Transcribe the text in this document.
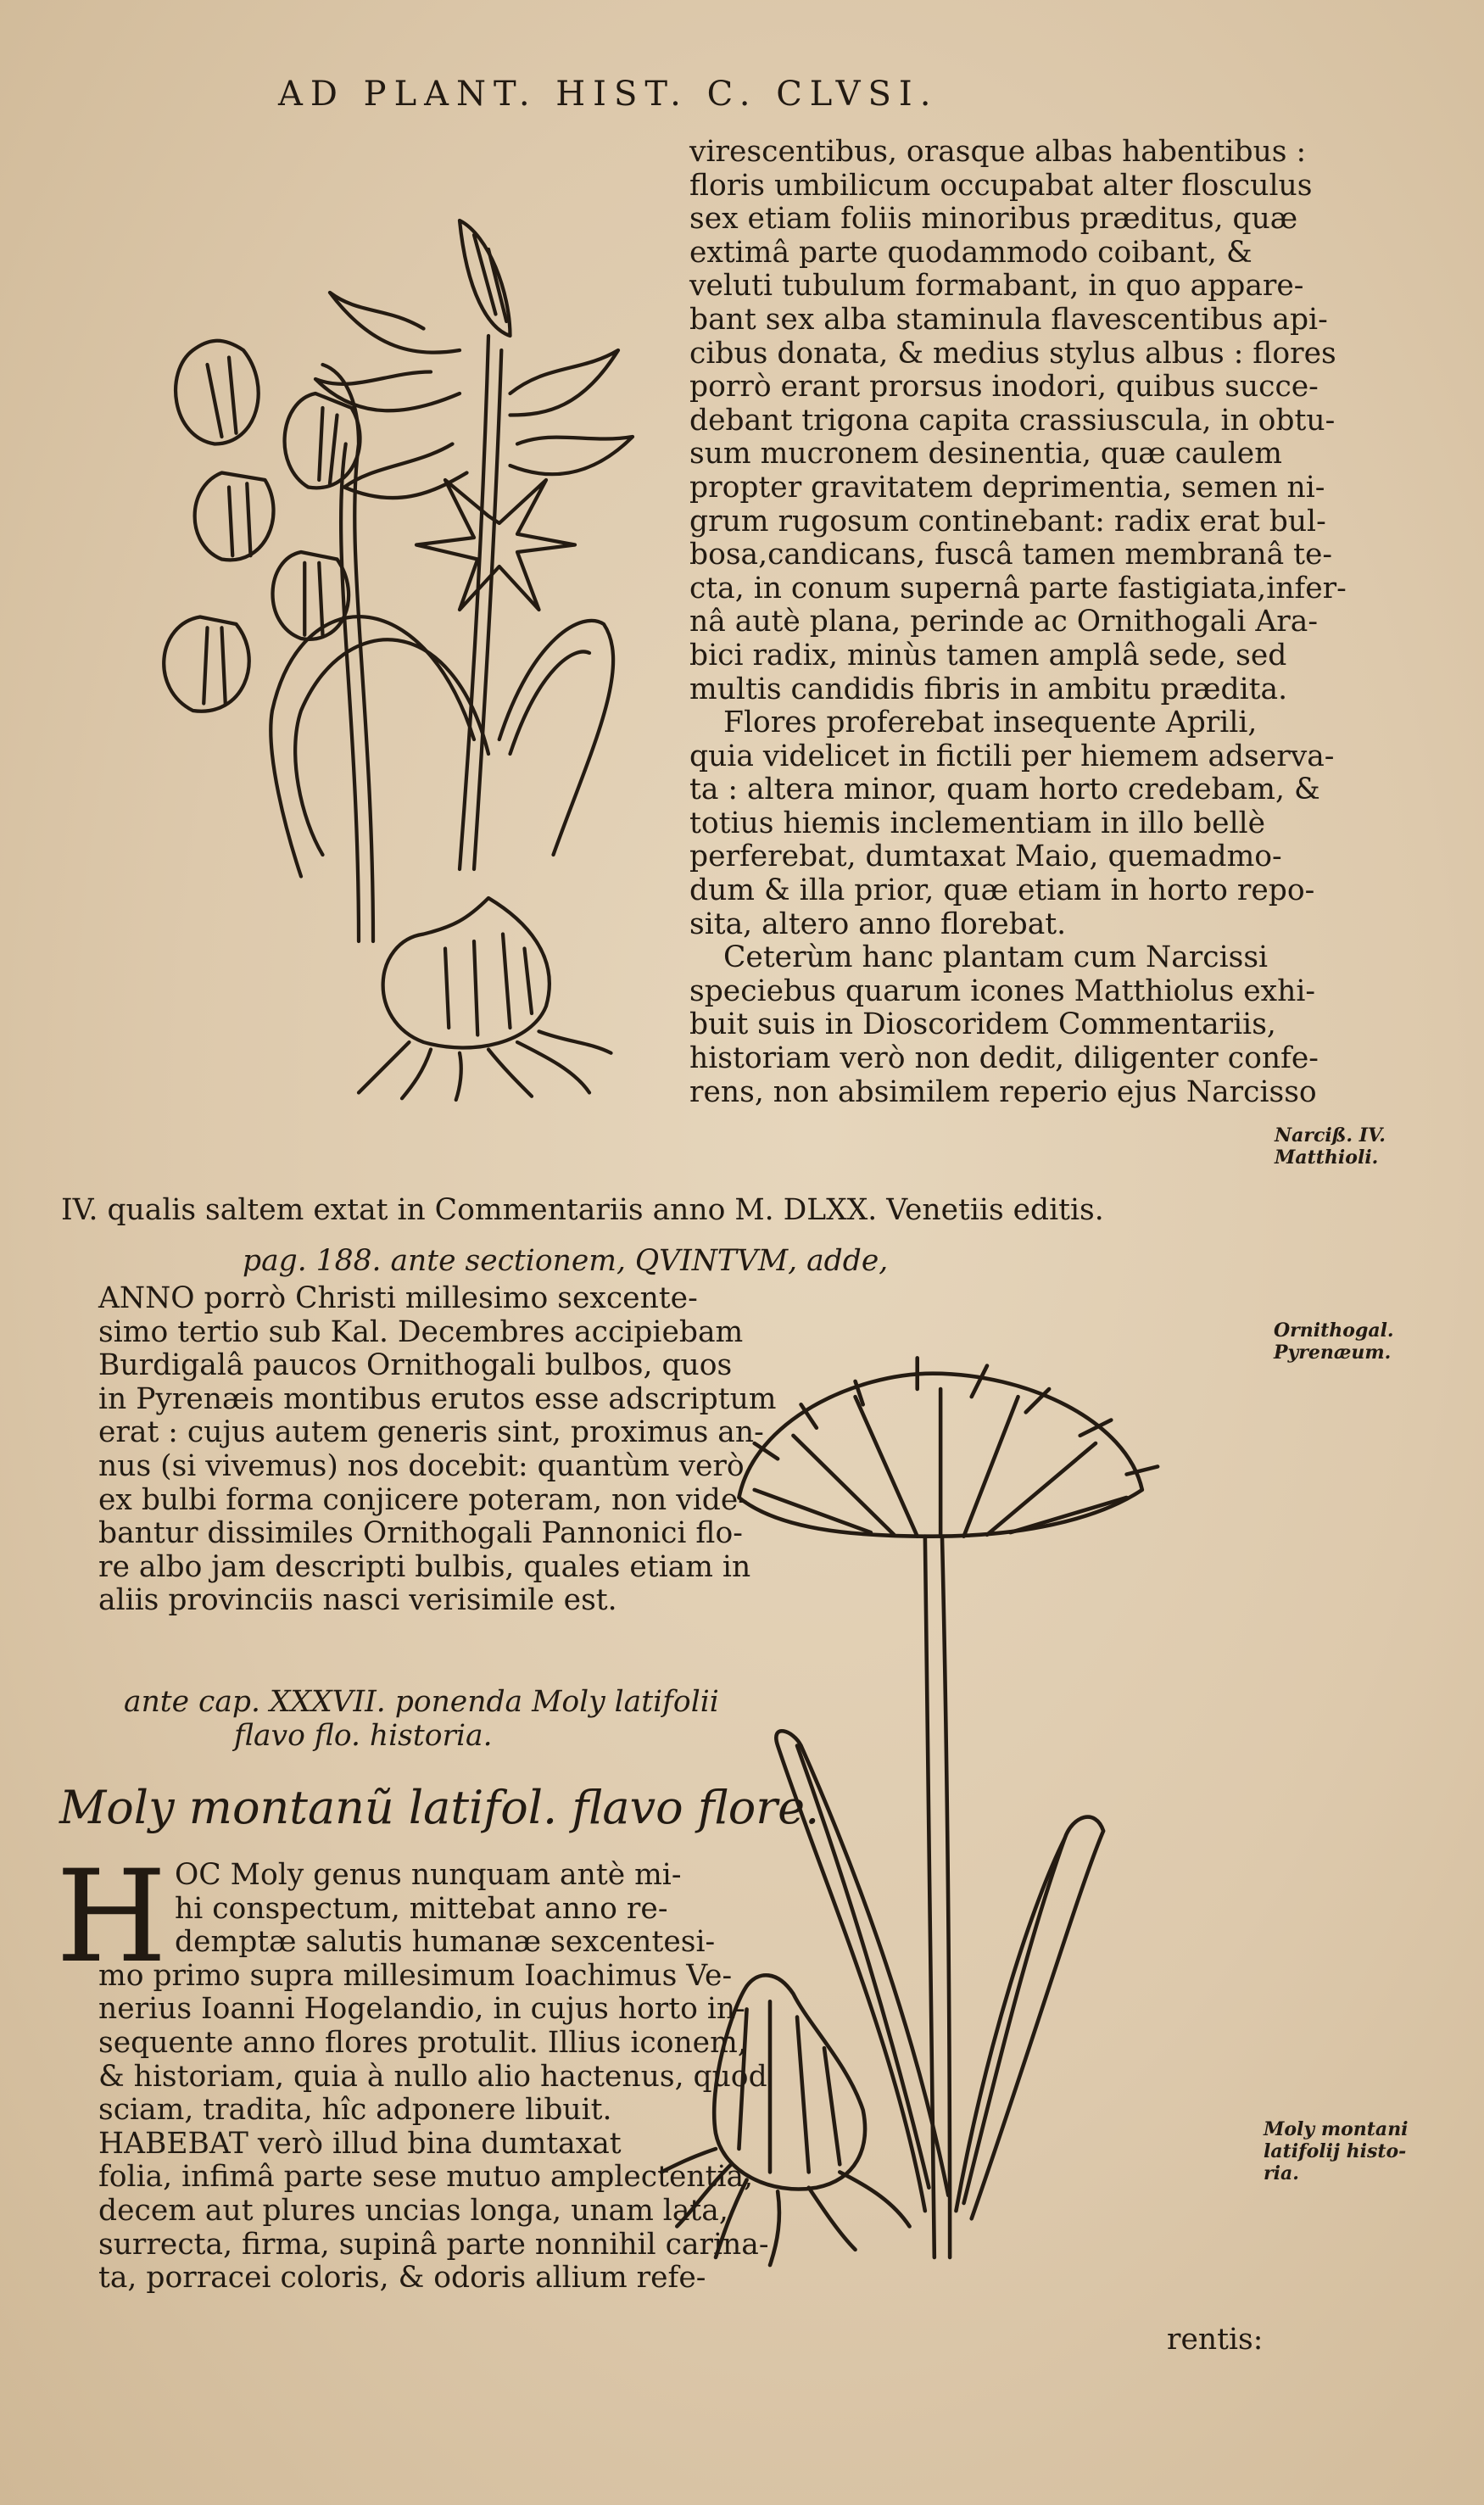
AD PLANT. HIST. C. CLVSI.
virescentibus, orasque albas habentibus :
floris umbilicum occupabat alter flosculus
sex etiam foliis minoribus præditus, quæ
extimâ parte quodammodo coibant, &
veluti tubulum formabant, in quo appare-
bant sex alba staminula flavescentibus api-
cibus donata, & medius stylus albus : flores
porrò erant prorsus inodori, quibus succe-
debant trigona capita crassiuscula, in obtu-
sum mucronem desinentia, quæ caulem
propter gravitatem deprimentia, semen ni-
grum rugosum continebant: radix erat bul-
bosa,candicans, fuscâ tamen membranâ te-
cta, in conum supernâ parte fastigiata,infer-
nâ autè plana, perinde ac Ornithogali Ara-
bici radix, minùs tamen amplâ sede, sed
multis candidis fibris in ambitu prædita.
Flores proferebat insequente Aprili,
quia videlicet in fictili per hiemem adserva-
ta : altera minor, quam horto credebam, &
totius hiemis inclementiam in illo bellè
perferebat, dumtaxat Maio, quemadmo-
dum & illa prior, quæ etiam in horto repo-
sita, altero anno florebat.
Ceterùm hanc plantam cum Narcissi
speciebus quarum icones Matthiolus exhi-
buit suis in Dioscoridem Commentariis,
historiam verò non dedit, diligenter confe-
rens, non absimilem reperio ejus Narcisso
Narciß. IV.
Matthioli.
IV. qualis saltem extat in Commentariis anno M. DLXX. Venetiis editis.
pag. 188. ante sectionem, QVINTVM, adde,
ANNO porrò Christi millesimo sexcente-
simo tertio sub Kal. Decembres accipiebam
Burdigalâ paucos Ornithogali bulbos, quos
in Pyrenæis montibus erutos esse adscriptum
erat : cujus autem generis sint, proximus an-
nus (si vivemus) nos docebit: quantùm verò
ex bulbi forma conjicere poteram, non vide-
bantur dissimiles Ornithogali Pannonici flo-
re albo jam descripti bulbis, quales etiam in
aliis provinciis nasci verisimile est.
Ornithogal.
Pyrenæum.
ante cap. XXXVII. ponenda Moly latifolii
flavo flo. historia.
Moly montanũ latifol. flavo flore.
H OC Moly genus nunquam antè mi-
hi conspectum, mittebat anno re-
demptæ salutis humanæ sexcentesi-
mo primo supra millesimum Ioachimus Ve-
nerius Ioanni Hogelandio, in cujus horto in-
sequente anno flores protulit. Illius iconem,
& historiam, quia à nullo alio hactenus, quod
sciam, tradita, hîc adponere libuit.
HABEBAT verò illud bina dumtaxat
folia, infimâ parte sese mutuo amplectentia,
decem aut plures uncias longa, unam lata,
surrecta, firma, supinâ parte nonnihil carina-
ta, porracei coloris, & odoris allium refe-
Moly montani
latifolij histo-
ria.
rentis:
